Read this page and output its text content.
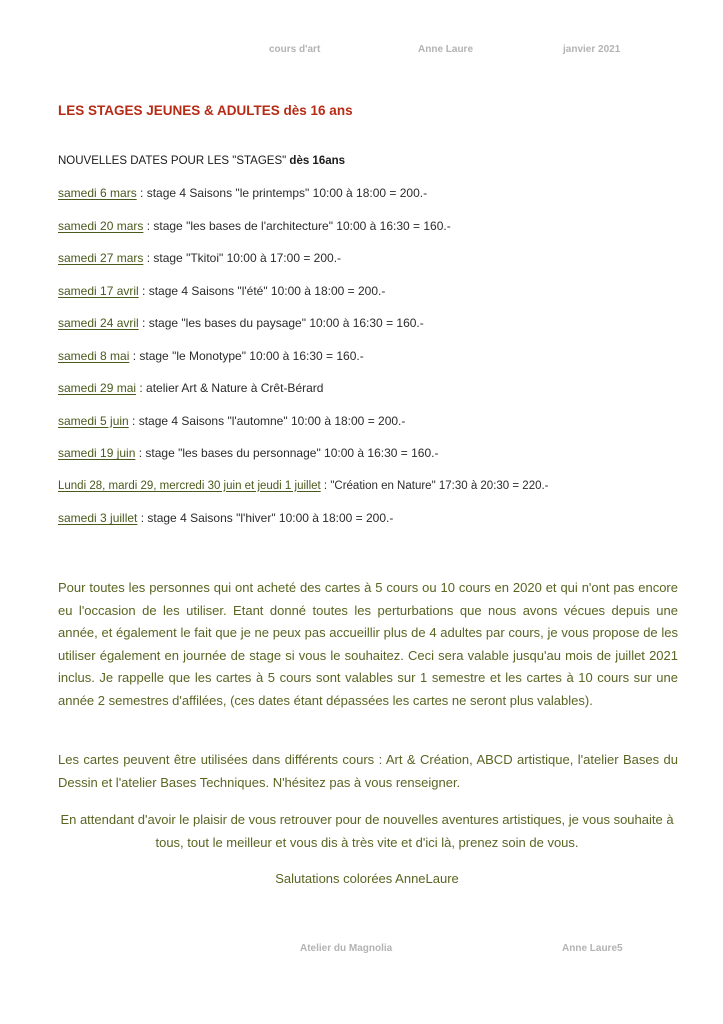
cours d'art	Anne Laure	janvier 2021
LES STAGES JEUNES & ADULTES dès 16 ans
NOUVELLES DATES POUR LES "STAGES" dès 16ans
samedi 6 mars : stage 4 Saisons "le printemps" 10:00 à 18:00 = 200.-
samedi 20 mars : stage "les bases de l'architecture" 10:00 à 16:30 = 160.-
samedi 27 mars : stage "Tkitoi" 10:00 à 17:00 = 200.-
samedi 17 avril : stage 4 Saisons "l'été" 10:00 à 18:00 = 200.-
samedi 24 avril : stage "les bases du paysage" 10:00 à 16:30 = 160.-
samedi 8 mai : stage "le Monotype" 10:00 à 16:30 = 160.-
samedi 29 mai : atelier Art & Nature à Crêt-Bérard
samedi 5 juin : stage 4 Saisons "l'automne" 10:00 à 18:00 = 200.-
samedi 19 juin : stage "les bases du personnage" 10:00 à 16:30 = 160.-
Lundi 28, mardi 29, mercredi 30 juin et jeudi 1 juillet : "Création en Nature" 17:30 à 20:30 = 220.-
samedi 3 juillet : stage 4 Saisons "l'hiver" 10:00 à 18:00 = 200.-

Pour toutes les personnes qui ont acheté des cartes à 5 cours ou 10 cours en 2020 et qui n'ont pas encore eu l'occasion de les utiliser. Etant donné toutes les perturbations que nous avons vécues depuis une année, et également le fait que je ne peux pas accueillir plus de 4 adultes par cours, je vous propose de les utiliser également en journée de stage si vous le souhaitez. Ceci sera valable jusqu'au mois de juillet 2021 inclus. Je rappelle que les cartes à 5 cours sont valables sur 1 semestre et les cartes à 10 cours sur une année 2 semestres d'affilées, (ces dates étant dépassées les cartes ne seront plus valables).

Les cartes peuvent être utilisées dans différents cours : Art & Création, ABCD artistique, l'atelier Bases du Dessin et l'atelier Bases Techniques. N'hésitez pas à vous renseigner.

En attendant d'avoir le plaisir de vous retrouver pour de nouvelles aventures artistiques, je vous souhaite à tous, tout le meilleur et vous dis à très vite et d'ici là, prenez soin de vous.

Salutations colorées AnneLaure

Atelier du Magnolia	Anne Laure5
